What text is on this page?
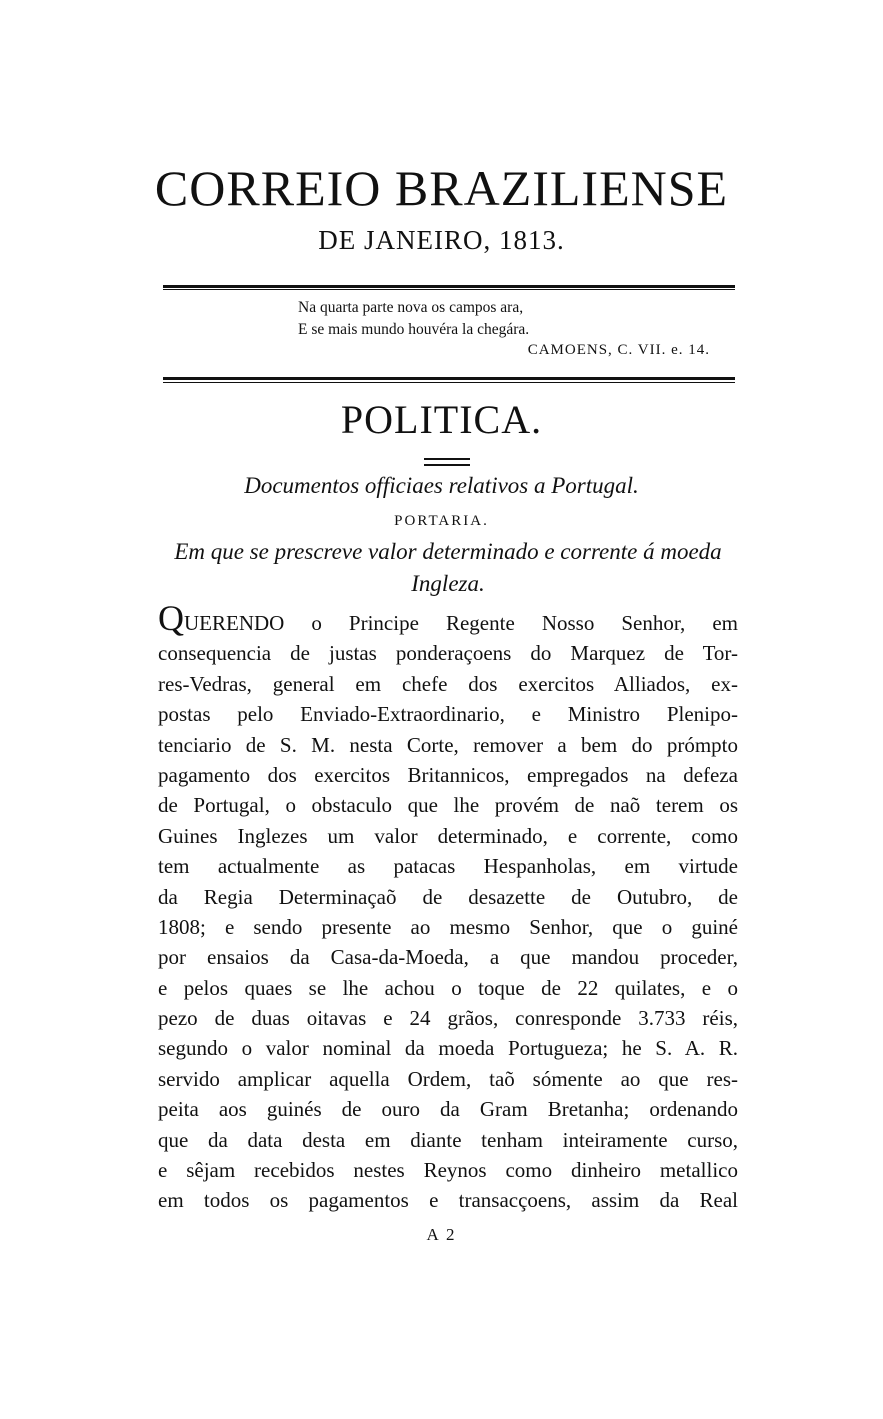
CORREIO BRAZILIENSE
DE JANEIRO, 1813.
Na quarta parte nova os campos ara,
E se mais mundo houvéra la chegára.
CAMOENS, C. VII. e. 14.
POLITICA.
Documentos officiaes relativos a Portugal.
PORTARIA.
Em que se prescreve valor determinado e corrente á moeda
Ingleza.
QUERENDO o Principe Regente Nosso Senhor, em
consequencia de justas ponderaçoens do Marquez de Tor-
res-Vedras, general em chefe dos exercitos Alliados, ex-
postas pelo Enviado-Extraordinario, e Ministro Plenipo-
tenciario de S. M. nesta Corte, remover a bem do prómpto
pagamento dos exercitos Britannicos, empregados na defeza
de Portugal, o obstaculo que lhe provém de naõ terem os
Guines Inglezes um valor determinado, e corrente, como
tem actualmente as patacas Hespanholas, em virtude
da Regia Determinaçaõ de desazette de Outubro, de
1808; e sendo presente ao mesmo Senhor, que o guiné
por ensaios da Casa-da-Moeda, a que mandou proceder,
e pelos quaes se lhe achou o toque de 22 quilates, e o
pezo de duas oitavas e 24 grãos, conresponde 3.733 réis,
segundo o valor nominal da moeda Portugueza; he S. A. R.
servido amplicar aquella Ordem, taõ sómente ao que res-
peita aos guinés de ouro da Gram Bretanha; ordenando
que da data desta em diante tenham inteiramente curso,
e sêjam recebidos nestes Reynos como dinheiro metallico
em todos os pagamentos e transacçoens, assim da Real
A 2
